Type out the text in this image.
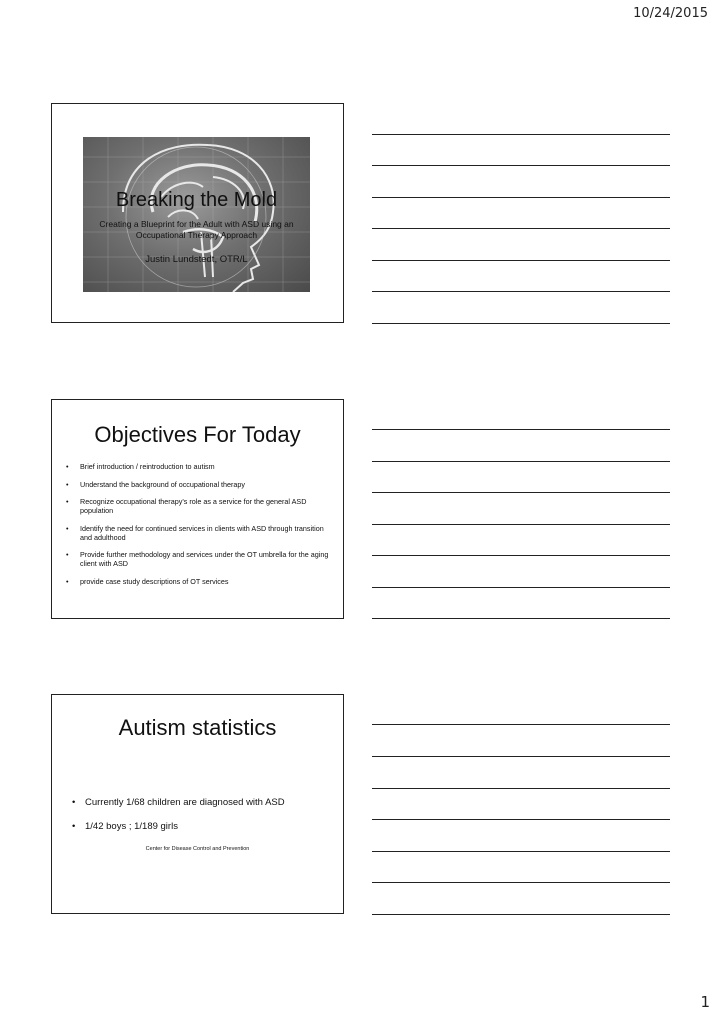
10/24/2015
Breaking the Mold
Creating a Blueprint for the Adult with ASD using an Occupational Therapy Approach
Justin Lundstedt, OTR/L
Objectives For Today
• Brief introduction / reintroduction to autism
• Understand the background of occupational therapy
• Recognize occupational therapy’s role as a service for the general ASD population
• Identify the need for continued services in clients with ASD through transition and adulthood
• Provide further methodology and services under the OT umbrella for the aging client with ASD
• provide case study descriptions of OT services
Autism statistics
• Currently 1/68 children are diagnosed with ASD
• 1/42 boys ; 1/189 girls
Center for Disease Control and Prevention
1
